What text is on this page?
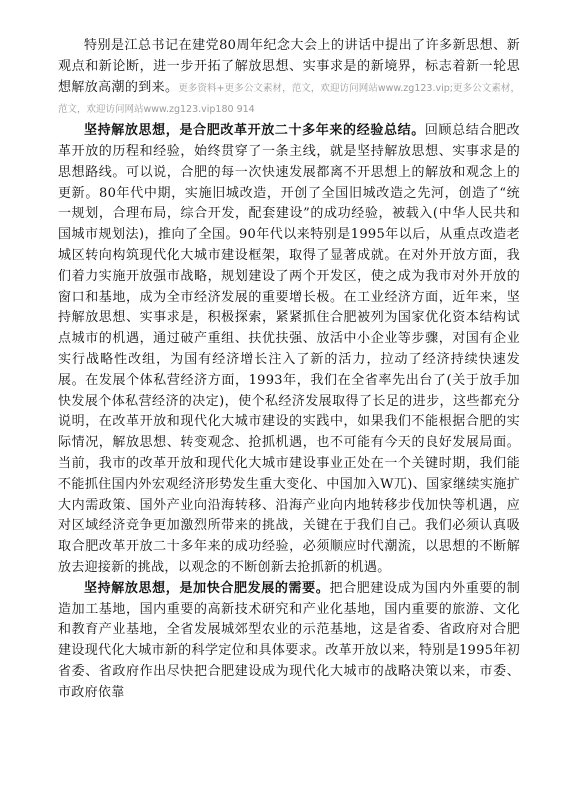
特别是江总书记在建党80周年纪念大会上的讲话中提出了许多新思想、新观点和新论断，进一步开拓了解放思想、实事求是的新境界，标志着新一轮思想解放高潮的到来。更多资料+更多公文素材，范文，欢迎访问网站www.zg123.vip;更多公文素材，范文，欢迎访问网站www.zg123.vip180 914

坚持解放思想，是合肥改革开放二十多年来的经验总结。回顾总结合肥改革开放的历程和经验，始终贯穿了一条主线，就是坚持解放思想、实事求是的思想路线。可以说，合肥的每一次快速发展都离不开思想上的解放和观念上的更新。80年代中期，实施旧城改造，开创了全国旧城改造之先河，创造了“统一规划，合理布局，综合开发，配套建设”的成功经验，被载入(中华人民共和国城市规划法)，推向了全国。90年代以来特别是1995年以后，从重点改造老城区转向构筑现代化大城市建设框架，取得了显著成就。在对外开放方面，我们着力实施开放强市战略，规划建设了两个开发区，使之成为我市对外开放的窗口和基地，成为全市经济发展的重要增长极。在工业经济方面，近年来，坚持解放思想、实事求是，积极探索，紧紧抓住合肥被列为国家优化资本结构试点城市的机遇，通过破产重组、扶优扶强、放活中小企业等步骤，对国有企业实行战略性改组，为国有经济增长注入了新的活力，拉动了经济持续快速发展。在发展个体私营经济方面，1993年，我们在全省率先出台了(关于放手加快发展个体私营经济的决定)，使个私经济发展取得了长足的进步，这些都充分说明，在改革开放和现代化大城市建设的实践中，如果我们不能根据合肥的实际情况，解放思想、转变观念、抢抓机遇，也不可能有今天的良好发展局面。当前，我市的改革开放和现代化大城市建设事业正处在一个关键时期，我们能不能抓住国内外宏观经济形势发生重大变化、中国加入W兀)、国家继续实施扩大内需政策、国外产业向沿海转移、沿海产业向内地转移步伐加快等机遇，应对区域经济竞争更加激烈所带来的挑战，关键在于我们自己。我们必须认真吸取合肥改革开放二十多年来的成功经验，必须顺应时代潮流，以思想的不断解放去迎接新的挑战，以观念的不断创新去抢抓新的机遇。

坚持解放思想，是加快合肥发展的需要。把合肥建设成为国内外重要的制造加工基地，国内重要的高新技术研究和产业化基地，国内重要的旅游、文化和教育产业基地，全省发展城郊型农业的示范基地，这是省委、省政府对合肥建设现代化大城市新的科学定位和具体要求。改革开放以来，特别是1995年初省委、省政府作出尽快把合肥建设成为现代化大城市的战略决策以来，市委、市政府依靠
